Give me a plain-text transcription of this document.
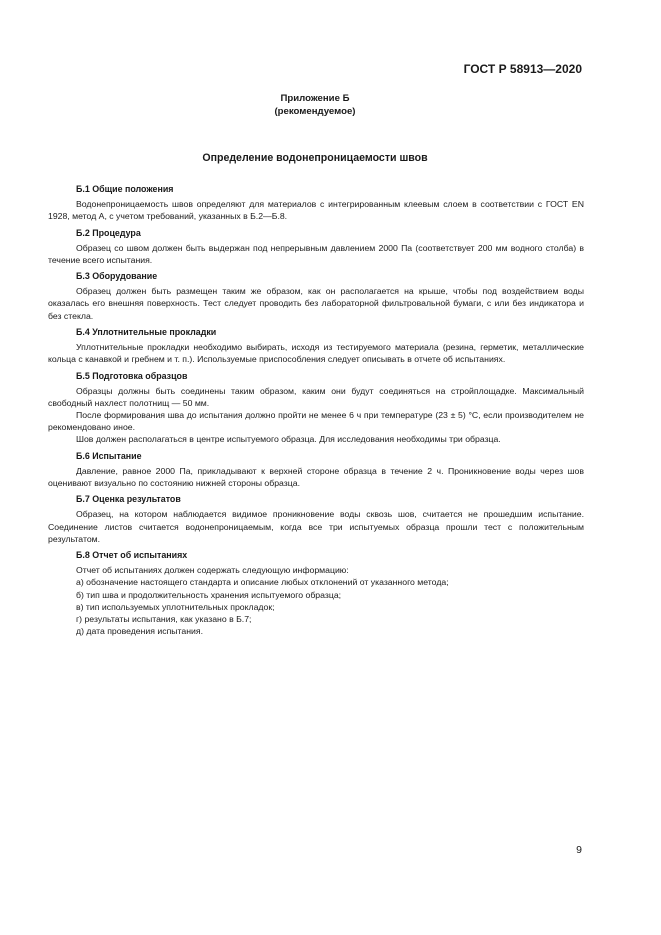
ГОСТ Р 58913—2020
Приложение Б
(рекомендуемое)
Определение водонепроницаемости швов
Б.1 Общие положения

Водонепроницаемость швов определяют для материалов с интегрированным клеевым слоем в соответствии с ГОСТ EN 1928, метод А, с учетом требований, указанных в Б.2—Б.8.

Б.2 Процедура

Образец со швом должен быть выдержан под непрерывным давлением 2000 Па (соответствует 200 мм водного столба) в течение всего испытания.

Б.3 Оборудование

Образец должен быть размещен таким же образом, как он располагается на крыше, чтобы под воздействием воды оказалась его внешняя поверхность. Тест следует проводить без лабораторной фильтровальной бумаги, с или без индикатора и без стекла.

Б.4 Уплотнительные прокладки

Уплотнительные прокладки необходимо выбирать, исходя из тестируемого материала (резина, герметик, металлические кольца с канавкой и гребнем и т. п.). Используемые приспособления следует описывать в отчете об испытаниях.

Б.5 Подготовка образцов

Образцы должны быть соединены таким образом, каким они будут соединяться на стройплощадке. Максимальный свободный нахлест полотнищ — 50 мм.

После формирования шва до испытания должно пройти не менее 6 ч при температуре (23 ± 5) °С, если производителем не рекомендовано иное.

Шов должен располагаться в центре испытуемого образца. Для исследования необходимы три образца.

Б.6 Испытание

Давление, равное 2000 Па, прикладывают к верхней стороне образца в течение 2 ч. Проникновение воды через шов оценивают визуально по состоянию нижней стороны образца.

Б.7 Оценка результатов

Образец, на котором наблюдается видимое проникновение воды сквозь шов, считается не прошедшим испытание. Соединение листов считается водонепроницаемым, когда все три испытуемых образца прошли тест с положительным результатом.

Б.8 Отчет об испытаниях

Отчет об испытаниях должен содержать следующую информацию:

а) обозначение настоящего стандарта и описание любых отклонений от указанного метода;
б) тип шва и продолжительность хранения испытуемого образца;
в) тип используемых уплотнительных прокладок;
г) результаты испытания, как указано в Б.7;
д) дата проведения испытания.
9
